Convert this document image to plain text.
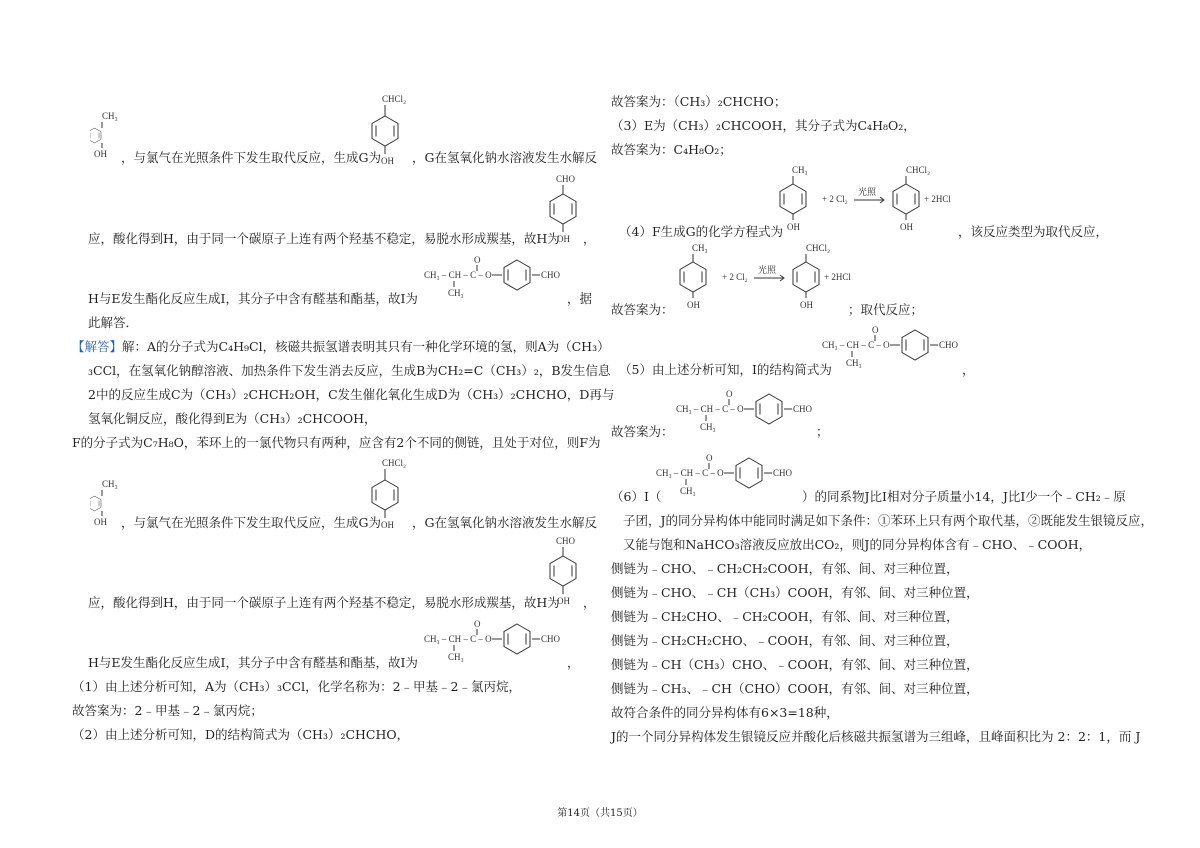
CH₃
OH ，与氯气在光照条件下发生取代反应，生成G为
CHCl₂
OH ，G在氢氧化钠水溶液发生水解反
CHO
OH
应，酸化得到H，由于同一个碳原子上连有两个羟基不稳定，易脱水形成羰基，故H为 ，
O
CH₃ – CH – C – O	CHO
CH₃
H与E发生酯化反应生成I，其分子中含有醛基和酯基，故I为	，据
此解答．
【解答】解：A的分子式为C₄H₉Cl，核磁共振氢谱表明其只有一种化学环境的氢，则A为（CH₃）
₃CCl，在氢氧化钠醇溶液、加热条件下发生消去反应，生成B为CH₂=C（CH₃）₂，B发生信息
2中的反应生成C为（CH₃）₂CHCH₂OH，C发生催化氧化生成D为（CH₃）₂CHCHO，D再与
氢氧化铜反应，酸化得到E为（CH₃）₂CHCOOH，
F的分子式为C₇H₈O，苯环上的一氯代物只有两种，应含有2个不同的侧链，且处于对位，则F为
CH₃
OH ，与氯气在光照条件下发生取代反应，生成G为
CHCl₂
OH ，G在氢氧化钠水溶液发生水解反
CHO
OH
应，酸化得到H，由于同一个碳原子上连有两个羟基不稳定，易脱水形成羰基，故H为 ，
O
CH₃ – CH – C – O	CHO
CH₃
H与E发生酯化反应生成I，其分子中含有醛基和酯基，故I为	，
（1）由上述分析可知，A为（CH₃）₃CCl，化学名称为：2﹣甲基﹣2﹣氯丙烷，
故答案为：2﹣甲基﹣2﹣氯丙烷；
（2）由上述分析可知，D的结构简式为（CH₃）₂CHCHO，
故答案为：（CH₃）₂CHCHO；
（3）E为（CH₃）₂CHCOOH，其分子式为C₄H₈O₂，
故答案为：C₄H₈O₂；
CH₃
OH
+ 2 Cl₂
光照
CHCl₂
OH
+ 2HCl
（4）F生成G的化学方程式为	，该反应类型为取代反应，
CH₃
OH
+ 2 Cl₂
光照
CHCl₂
OH
+ 2HCl
故答案为：	；取代反应；
O
CH₃ – CH – C – O	CHO
CH₃
（5）由上述分析可知，I的结构简式为	，
O
CH₃ – CH – C – O	CHO
CH₃
故答案为：	；
O
CH₃ – CH – C – O	CHO
CH₃
（6）I（	）的同系物J比I相对分子质量小14，J比I少一个﹣CH₂﹣原
子团，J的同分异构体中能同时满足如下条件：①苯环上只有两个取代基，②既能发生银镜反应，
又能与饱和NaHCO₃溶液反应放出CO₂，则J的同分异构体含有﹣CHO、﹣COOH，
侧链为﹣CHO、﹣CH₂CH₂COOH，有邻、间、对三种位置，
侧链为﹣CHO、﹣CH（CH₃）COOH，有邻、间、对三种位置，
侧链为﹣CH₂CHO、﹣CH₂COOH，有邻、间、对三种位置，
侧链为﹣CH₂CH₂CHO、﹣COOH，有邻、间、对三种位置，
侧链为﹣CH（CH₃）CHO、﹣COOH，有邻、间、对三种位置，
侧链为﹣CH₃、﹣CH（CHO）COOH，有邻、间、对三种位置，
故符合条件的同分异构体有6×3=18种，
J的一个同分异构体发生银镜反应并酸化后核磁共振氢谱为三组峰，且峰面积比为 2：2：1，而 J
第14页（共15页）
